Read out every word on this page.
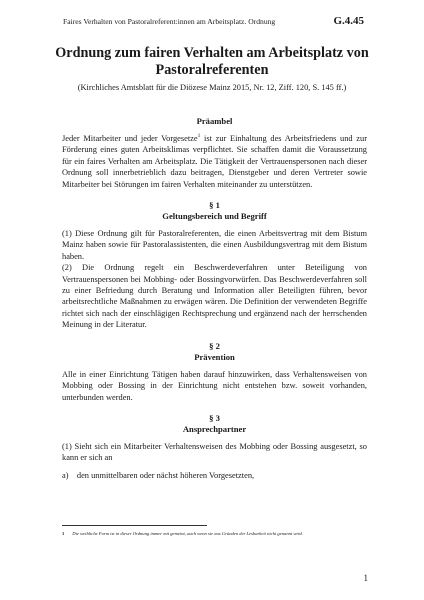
Faires Verhalten von Pastoralreferent:innen am Arbeitsplatz. Ordnung	G.4.45
Ordnung zum fairen Verhalten am Arbeitsplatz von Pastoralreferenten

(Kirchliches Amtsblatt für die Diözese Mainz 2015, Nr. 12, Ziff. 120, S. 145 ff.)

Präambel

Jeder Mitarbeiter und jeder Vorgesetze$^1$ ist zur Einhaltung des Arbeitsfriedens und zur Förderung eines guten Arbeitsklimas verpflichtet. Sie schaffen damit die Voraussetzung für ein faires Verhalten am Arbeitsplatz. Die Tätigkeit der Vertrauenspersonen nach dieser Ordnung soll innerbetrieblich dazu beitragen, Dienstgeber und deren Vertreter sowie Mitarbeiter bei Störungen im fairen Verhalten miteinander zu unterstützen.

§ 1
Geltungsbereich und Begriff

(1) Diese Ordnung gilt für Pastoralreferenten, die einen Arbeitsvertrag mit dem Bistum Mainz haben sowie für Pastoralassistenten, die einen Ausbildungsvertrag mit dem Bistum haben.

(2) Die Ordnung regelt ein Beschwerdeverfahren unter Beteiligung von Vertrauenspersonen bei Mobbing- oder Bossingvorwürfen. Das Beschwerdeverfahren soll zu einer Befriedung durch Beratung und Information aller Beteiligten führen, bevor arbeitsrechtliche Maßnahmen zu erwägen wären. Die Definition der verwendeten Begriffe richtet sich nach der einschlägigen Rechtsprechung und ergänzend nach der herrschenden Meinung in der Literatur.

§ 2
Prävention

Alle in einer Einrichtung Tätigen haben darauf hinzuwirken, dass Verhaltensweisen von Mobbing oder Bossing in der Einrichtung nicht entstehen bzw. soweit vorhanden, unterbunden werden.

§ 3
Ansprechpartner

(1) Sieht sich ein Mitarbeiter Verhaltensweisen des Mobbing oder Bossing ausgesetzt, so kann er sich an

a) den unmittelbaren oder nächst höheren Vorgesetzten,

1 Die weibliche Form ist in dieser Ordnung immer mit gemeint, auch wenn sie aus Gründen der Lesbarkeit nicht genannt wird.
1
